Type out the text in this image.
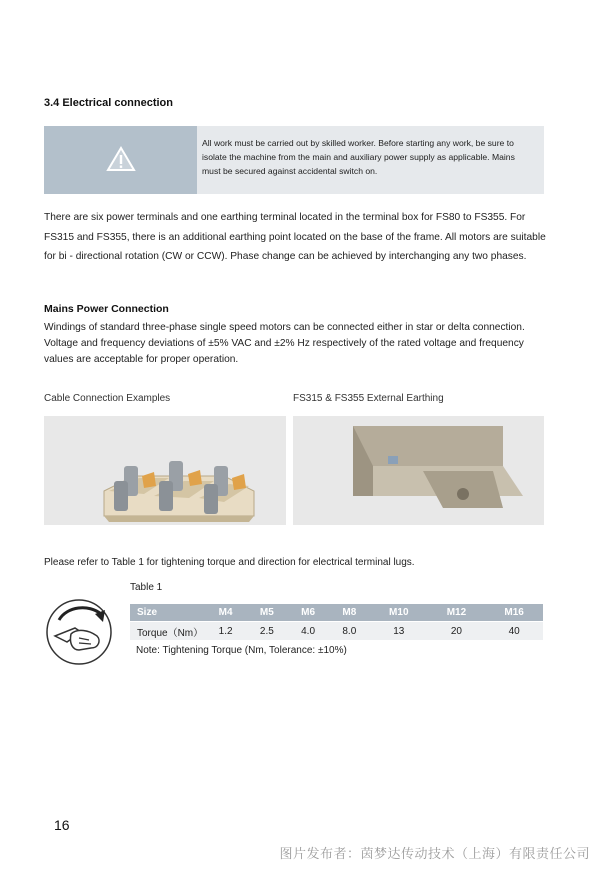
3.4 Electrical connection
All work must be carried out by skilled worker. Before starting any work, be sure to isolate the machine from the main and auxiliary power supply as applicable. Mains must be secured against accidental switch on.
There are six power terminals and one earthing terminal located in the terminal box for FS80 to FS355. For FS315 and FS355, there is an additional earthing point located on the base of the frame. All motors are suitable for bi - directional rotation (CW or CCW). Phase change can be achieved by interchanging any two phases.
Mains Power Connection
Windings of standard three-phase single speed motors can be connected either in star or delta connection. Voltage and frequency deviations of ±5% VAC and ±2% Hz respectively of the rated voltage and frequency values are acceptable for proper operation.
Cable Connection Examples	FS315 & FS355 External Earthing
Please refer to Table 1 for tightening torque and direction for electrical terminal lugs.
Table 1
Size	M4	M5	M6	M8	M10	M12	M16
Torque（Nm）	1.2	2.5	4.0	8.0	13	20	40
Note: Tightening Torque (Nm, Tolerance: ±10%)
16
图片发布者：茵梦达传动技术（上海）有限责任公司
